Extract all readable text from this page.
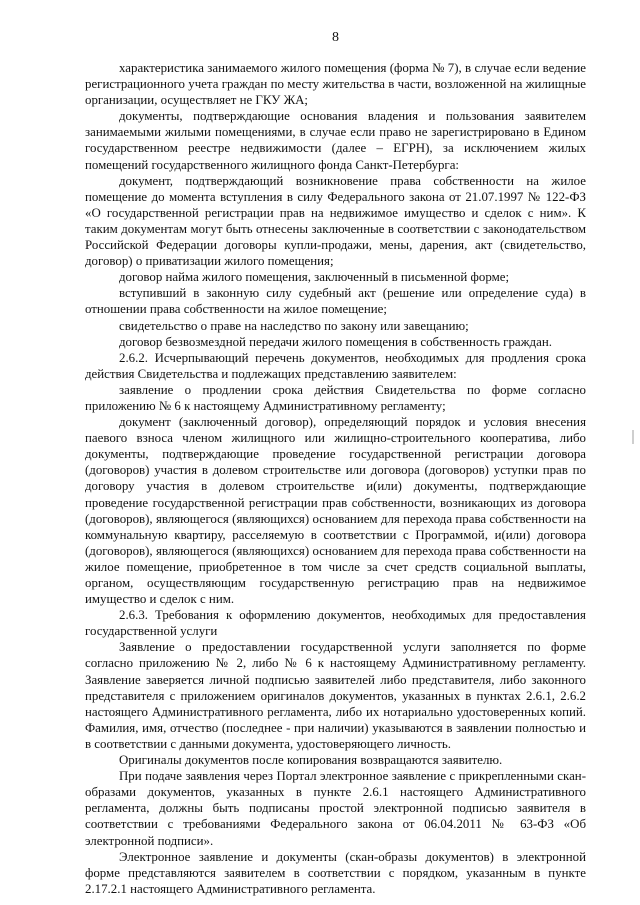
8

характеристика занимаемого жилого помещения (форма № 7), в случае если ведение регистрационного учета граждан по месту жительства в части, возложенной на жилищные организации, осуществляет не ГКУ ЖА;

документы, подтверждающие основания владения и пользования заявителем занимаемыми жилыми помещениями, в случае если право не зарегистрировано в Едином государственном реестре недвижимости (далее – ЕГРН), за исключением жилых помещений государственного жилищного фонда Санкт-Петербурга:

документ, подтверждающий возникновение права собственности на жилое помещение до момента вступления в силу Федерального закона от 21.07.1997 № 122-ФЗ «О государственной регистрации прав на недвижимое имущество и сделок с ним». К таким документам могут быть отнесены заключенные в соответствии с законодательством Российской Федерации договоры купли-продажи, мены, дарения, акт (свидетельство, договор) о приватизации жилого помещения;

договор найма жилого помещения, заключенный в письменной форме;

вступивший в законную силу судебный акт (решение или определение суда) в отношении права собственности на жилое помещение;

свидетельство о праве на наследство по закону или завещанию;

договор безвозмездной передачи жилого помещения в собственность граждан.

2.6.2. Исчерпывающий перечень документов, необходимых для продления срока действия Свидетельства и подлежащих представлению заявителем:

заявление о продлении срока действия Свидетельства по форме согласно приложению № 6 к настоящему Административному регламенту;

документ (заключенный договор), определяющий порядок и условия внесения паевого взноса членом жилищного или жилищно-строительного кооператива, либо документы, подтверждающие проведение государственной регистрации договора (договоров) участия в долевом строительстве или договора (договоров) уступки прав по договору участия в долевом строительстве и(или) документы, подтверждающие проведение государственной регистрации прав собственности, возникающих из договора (договоров), являющегося (являющихся) основанием для перехода права собственности на коммунальную квартиру, расселяемую в соответствии с Программой, и(или) договора (договоров), являющегося (являющихся) основанием для перехода права собственности на жилое помещение, приобретенное в том числе за счет средств социальной выплаты, органом, осуществляющим государственную регистрацию прав на недвижимое имущество и сделок с ним.

2.6.3. Требования к оформлению документов, необходимых для предоставления государственной услуги

Заявление о предоставлении государственной услуги заполняется по форме согласно приложению № 2, либо № 6 к настоящему Административному регламенту. Заявление заверяется личной подписью заявителей либо представителя, либо законного представителя с приложением оригиналов документов, указанных в пунктах 2.6.1, 2.6.2 настоящего Административного регламента, либо их нотариально удостоверенных копий. Фамилия, имя, отчество (последнее - при наличии) указываются в заявлении полностью и в соответствии с данными документа, удостоверяющего личность.

Оригиналы документов после копирования возвращаются заявителю.

При подаче заявления через Портал электронное заявление с прикрепленными скан-образами документов, указанных в пункте 2.6.1 настоящего Административного регламента, должны быть подписаны простой электронной подписью заявителя в соответствии с требованиями Федерального закона от 06.04.2011 № 63-ФЗ «Об электронной подписи».

Электронное заявление и документы (скан-образы документов) в электронной форме представляются заявителем в соответствии с порядком, указанным в пункте 2.17.2.1 настоящего Административного регламента.
